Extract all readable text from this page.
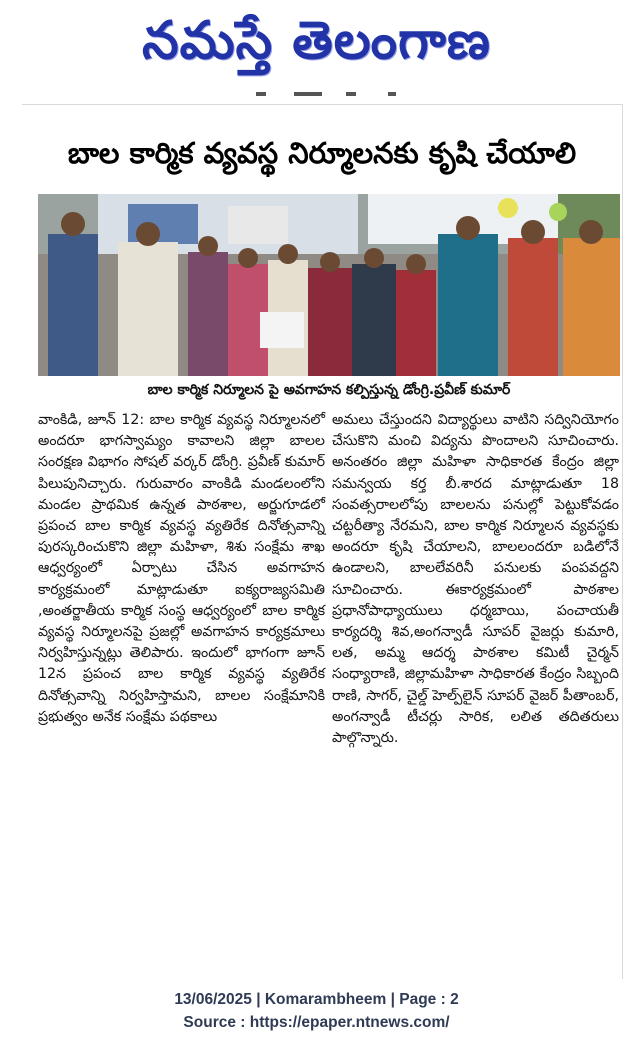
నమస్తే తెలంగాణ
బాల కార్మిక వ్యవస్థ నిర్మూలనకు కృషి చేయాలి
బాల కార్మిక నిర్మూలన పై అవగాహన కల్పిస్తున్న డోంగ్రి.ప్రవీణ్ కుమార్
వాంకిడి, జూన్ 12: బాల కార్మిక వ్యవస్థ నిర్మూలనలో అందరూ భాగస్వామ్యం కావాలని జిల్లా బాలల సంరక్షణ విభాగం సోషల్ వర్కర్ డోంగ్రి. ప్రవీణ్ కుమార్ పిలుపునిచ్చారు. గురువారం వాంకిడి మండలంలోని మండల ప్రాథమిక ఉన్నత పాఠశాల, అర్జుగూడలో ప్రపంచ బాల కార్మిక వ్యవస్థ వ్యతిరేక దినోత్సవాన్ని పురస్కరించుకొని జిల్లా మహిళా, శిశు సంక్షేమ శాఖ ఆధ్వర్యంలో ఏర్పాటు చేసిన అవగాహన కార్యక్రమంలో మాట్లాడుతూ ఐక్యరాజ్యసమితి ,అంతర్జాతీయ కార్మిక సంస్థ ఆధ్వర్యంలో బాల కార్మిక వ్యవస్థ నిర్మూలనపై ప్రజల్లో అవగాహన కార్యక్రమాలు నిర్వహిస్తున్నట్లు తెలిపారు. ఇందులో భాగంగా జూన్ 12న ప్రపంచ బాల కార్మిక వ్యవస్థ వ్యతిరేక దినోత్సవాన్ని నిర్వహిస్తామని, బాలల సంక్షేమానికి ప్రభుత్వం అనేక సంక్షేమ పథకాలు
అమలు చేస్తుందని విద్యార్థులు వాటిని సద్వినియోగం చేసుకొని మంచి విద్యను పొందాలని సూచించారు. అనంతరం జిల్లా మహిళా సాధికారత కేంద్రం జిల్లా సమన్వయ కర్త బీ.శారద మాట్లాడుతూ 18 సంవత్సరాలలోపు బాలలను పనుల్లో పెట్టుకోవడం చట్టరీత్యా నేరమని, బాల కార్మిక నిర్మూలన వ్యవస్థకు అందరూ కృషి చేయాలని, బాలలందరూ బడిలోనే ఉండాలని, బాలలేవరినీ పనులకు పంపవద్దని సూచించారు. ఈకార్యక్రమంలో పాఠశాల ప్రధానోపాధ్యాయులు ధర్మబాయి, పంచాయతీ కార్యదర్శి శివ,అంగన్వాడీ సూపర్ వైజర్లు కుమారి, లత, అమ్మ ఆదర్శ పాఠశాల కమిటీ చైర్మన్ సంధ్యారాణి, జిల్లామహిళా సాధికారత కేంద్రం సిబ్బంది రాణి, సాగర్, చైల్డ్ హెల్ప్‌లైన్ సూపర్ వైజర్ పీతాంబర్, అంగన్వాడీ టీచర్లు సారిక, లలిత తదితరులు పాల్గొన్నారు.
13/06/2025 | Komarambheem | Page : 2
Source : https://epaper.ntnews.com/
